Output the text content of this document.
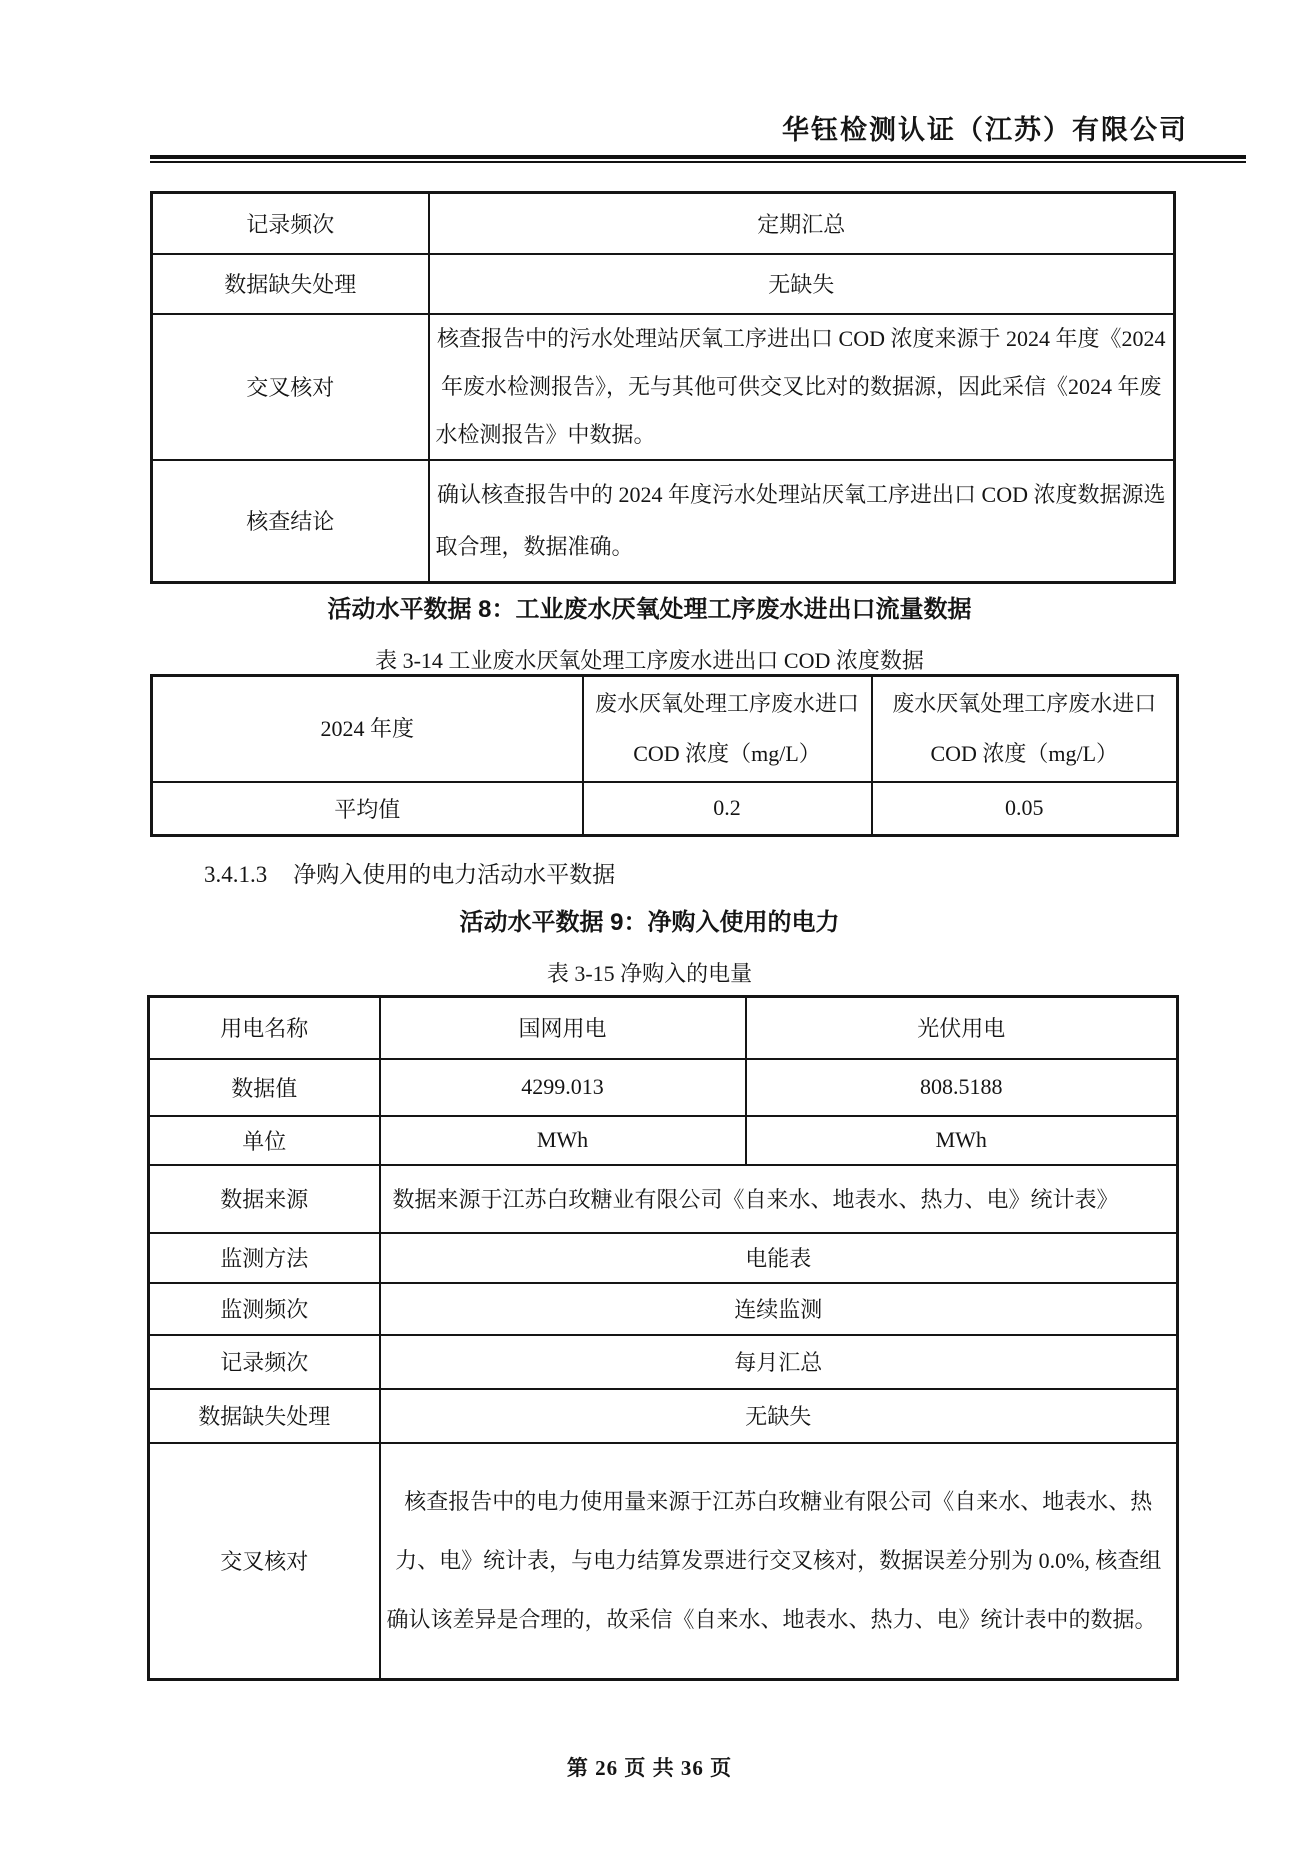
华钰检测认证（江苏）有限公司
记录频次	定期汇总
数据缺失处理	无缺失
交叉核对	核查报告中的污水处理站厌氧工序进出口 COD 浓度来源于 2024 年度《2024 年废水检测报告》，无与其他可供交叉比对的数据源，因此采信《2024 年废水检测报告》中数据。
核查结论	确认核查报告中的 2024 年度污水处理站厌氧工序进出口 COD 浓度数据源选取合理，数据准确。
活动水平数据 8：工业废水厌氧处理工序废水进出口流量数据
表 3-14 工业废水厌氧处理工序废水进出口 COD 浓度数据
2024 年度	废水厌氧处理工序废水进口 COD 浓度（mg/L）	废水厌氧处理工序废水进口 COD 浓度（mg/L）
平均值	0.2	0.05
3.4.1.3 净购入使用的电力活动水平数据
活动水平数据 9：净购入使用的电力
表 3-15 净购入的电量
用电名称	国网用电	光伏用电
数据值	4299.013	808.5188
单位	MWh	MWh
数据来源	数据来源于江苏白玫糖业有限公司《自来水、地表水、热力、电》统计表》	
监测方法	电能表	
监测频次	连续监测	
记录频次	每月汇总	
数据缺失处理	无缺失	
交叉核对	核查报告中的电力使用量来源于江苏白玫糖业有限公司《自来水、地表水、热力、电》统计表，与电力结算发票进行交叉核对，数据误差分别为 0.0%, 核查组确认该差异是合理的，故采信《自来水、地表水、热力、电》统计表中的数据。	
第 26 页 共 36 页
